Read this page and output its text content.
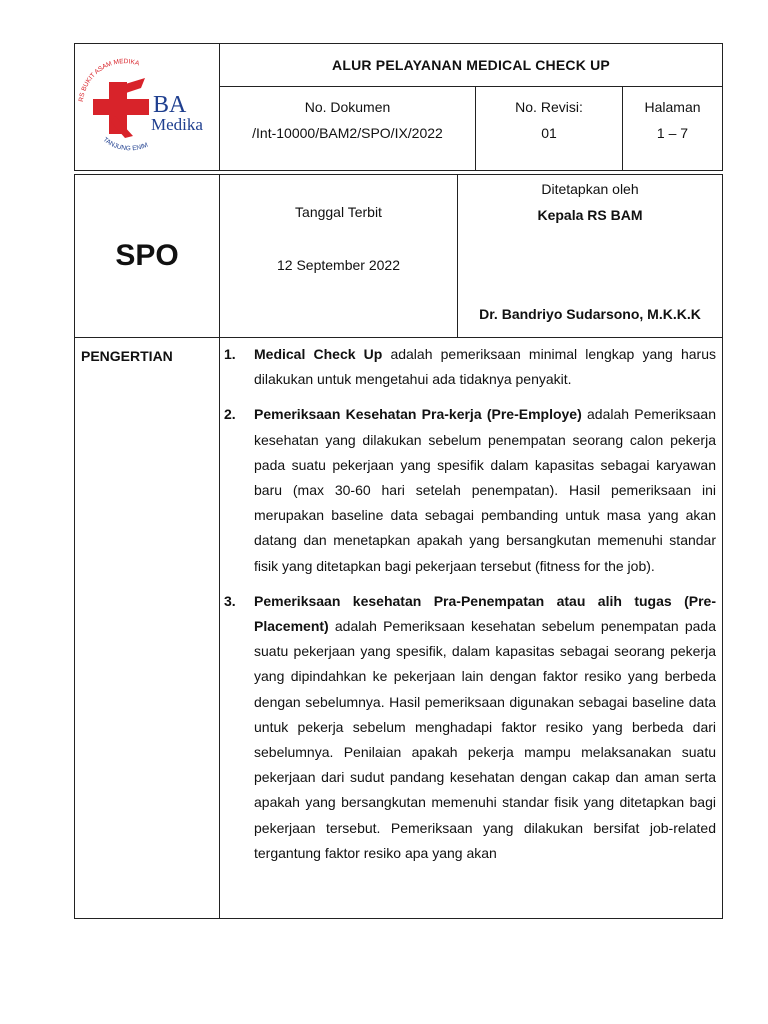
RS BUKIT ASAM MEDIKA
TANJUNG ENIM
BA
Medika
ALUR PELAYANAN MEDICAL CHECK UP
No. Dokumen
/Int-10000/BAM2/SPO/IX/2022
No. Revisi:
01
Halaman
1 – 7
SPO
Tanggal Terbit
12 September 2022
Ditetapkan oleh
Kepala RS BAM
Dr. Bandriyo Sudarsono, M.K.K.K
PENGERTIAN	1.	Medical Check Up adalah pemeriksaan minimal lengkap yang harus dilakukan untuk mengetahui ada tidaknya penyakit.
2.	Pemeriksaan Kesehatan Pra-kerja (Pre-Employe) adalah Pemeriksaan kesehatan yang dilakukan sebelum penempatan seorang calon pekerja pada suatu pekerjaan yang spesifik dalam kapasitas sebagai karyawan baru (max 30-60 hari setelah penempatan). Hasil pemeriksaan ini merupakan baseline data sebagai pembanding untuk masa yang akan datang dan menetapkan apakah yang bersangkutan memenuhi standar fisik yang ditetapkan bagi pekerjaan tersebut (fitness for the job).
3.	Pemeriksaan kesehatan Pra-Penempatan atau alih tugas (Pre-Placement) adalah Pemeriksaan kesehatan sebelum penempatan pada suatu pekerjaan yang spesifik, dalam kapasitas sebagai seorang pekerja yang dipindahkan ke pekerjaan lain dengan faktor resiko yang berbeda dengan sebelumnya. Hasil pemeriksaan digunakan sebagai baseline data untuk pekerja sebelum menghadapi faktor resiko yang berbeda dari sebelumnya. Penilaian apakah pekerja mampu melaksanakan suatu pekerjaan dari sudut pandang kesehatan dengan cakap dan aman serta apakah yang bersangkutan memenuhi standar fisik yang ditetapkan bagi pekerjaan tersebut. Pemeriksaan yang dilakukan bersifat job-related tergantung faktor resiko apa yang akan
